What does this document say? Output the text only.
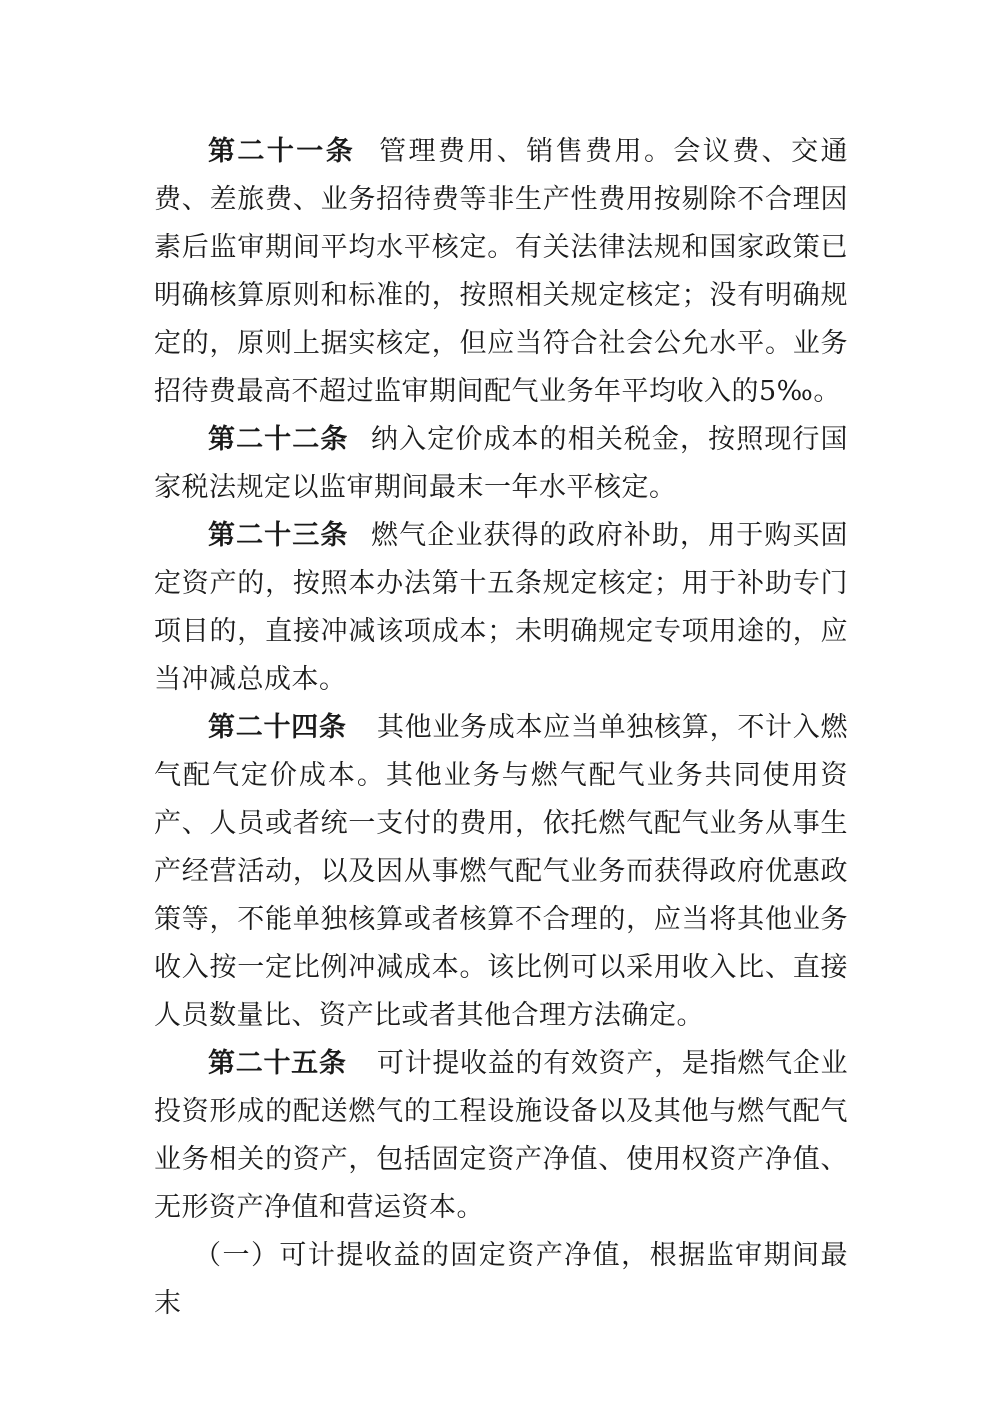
第二十一条 管理费用、销售费用。会议费、交通费、差旅费、业务招待费等非生产性费用按剔除不合理因素后监审期间平均水平核定。有关法律法规和国家政策已明确核算原则和标准的，按照相关规定核定；没有明确规定的，原则上据实核定，但应当符合社会公允水平。业务招待费最高不超过监审期间配气业务年平均收入的5‰。

第二十二条 纳入定价成本的相关税金，按照现行国家税法规定以监审期间最末一年水平核定。

第二十三条 燃气企业获得的政府补助，用于购买固定资产的，按照本办法第十五条规定核定；用于补助专门项目的，直接冲减该项成本；未明确规定专项用途的，应当冲减总成本。

第二十四条 其他业务成本应当单独核算，不计入燃气配气定价成本。其他业务与燃气配气业务共同使用资产、人员或者统一支付的费用，依托燃气配气业务从事生产经营活动，以及因从事燃气配气业务而获得政府优惠政策等，不能单独核算或者核算不合理的，应当将其他业务收入按一定比例冲减成本。该比例可以采用收入比、直接人员数量比、资产比或者其他合理方法确定。

第二十五条 可计提收益的有效资产，是指燃气企业投资形成的配送燃气的工程设施设备以及其他与燃气配气业务相关的资产，包括固定资产净值、使用权资产净值、无形资产净值和营运资本。

（一）可计提收益的固定资产净值，根据监审期间最末
